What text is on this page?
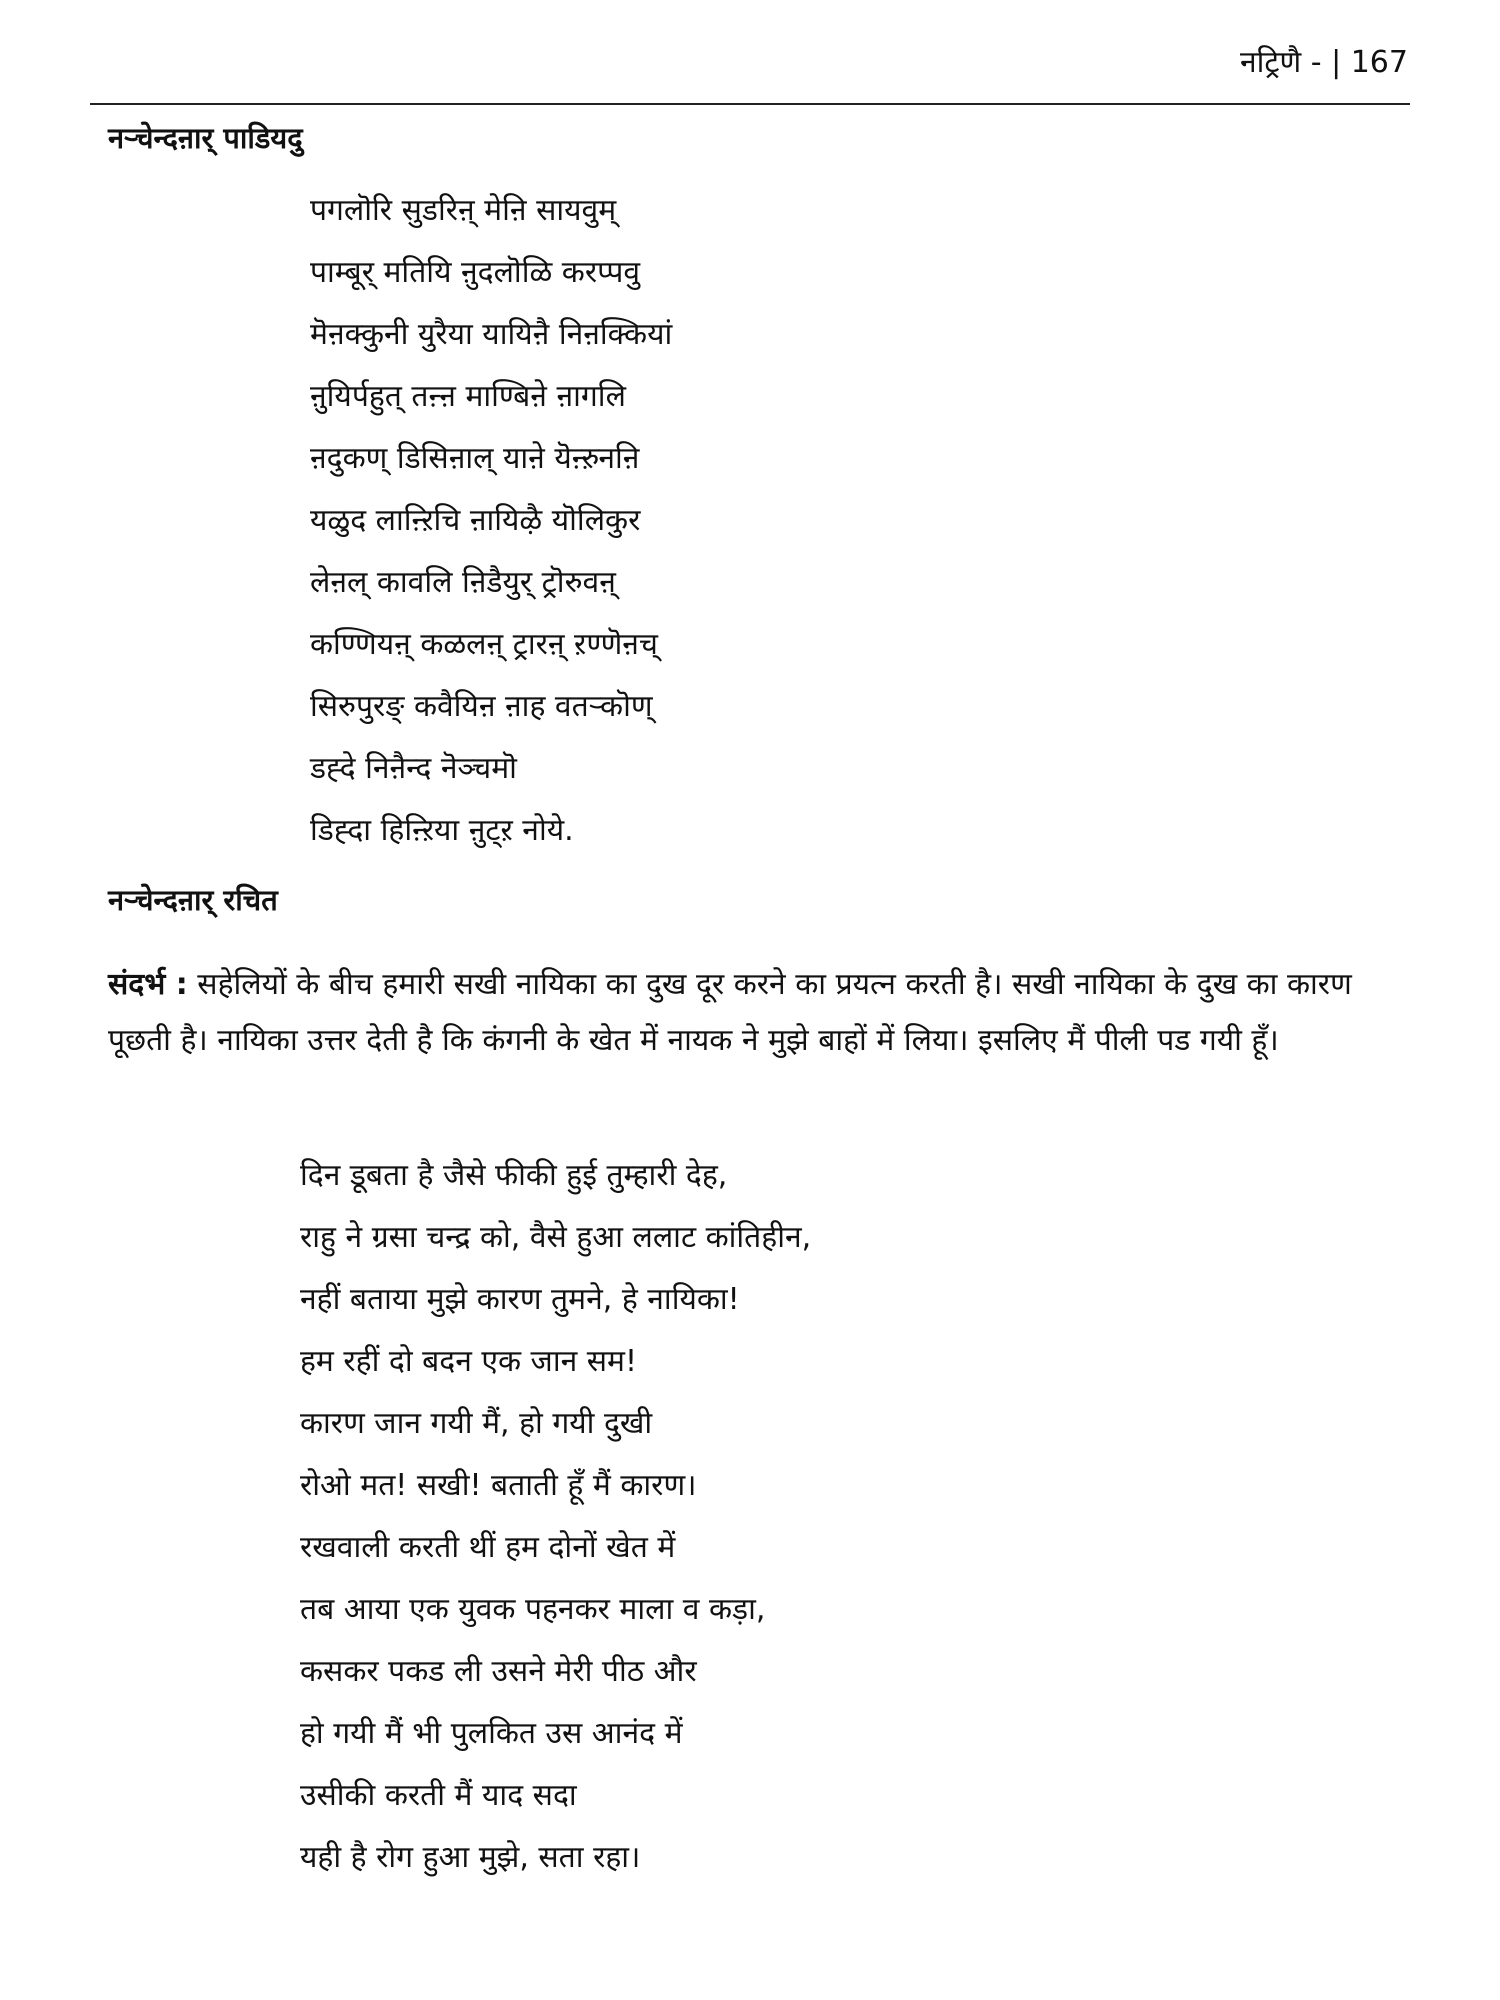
नट्रिणै - | 167
नऱ्चेन्दऩार् पाडियदु
पगलॊरि सुडरिऩ् मेऩि सायवुम्
पाम्बूर् मतियि ऩुदलॊळि करप्पवु
मॆऩक्कुनी युरैया यायिऩै निऩक्कियां
ऩुयिर्पहुत् तऩ्ऩ माण्बिऩे ऩागलि
ऩदुकण् डिसिऩाल् याऩे यॆऩ्ऱुनऩि
यळुद लाऩ्ऱिचि ऩायिऴै यॊलिकुर
लेऩल् कावलि ऩिडैयुर् ट्रॊरुवऩ्
कण्णियऩ् कळलऩ् ट्रारऩ् ऱण्णॆऩच्
सिरुपुरङ् कवैयिऩ ऩाह वतऱ्कॊण्
डह्दे निऩैन्द नॆञ्चमॊ
डिह्दा हिऩ्ऱिया ऩुट्ऱ नोये.
नऱ्चेन्दऩार् रचित

संदर्भ : सहेलियों के बीच हमारी सखी नायिका का दुख दूर करने का प्रयत्न करती है। सखी नायिका के दुख का कारण पूछती है। नायिका उत्तर देती है कि कंगनी के खेत में नायक ने मुझे बाहों में लिया। इसलिए मैं पीली पड गयी हूँ।

दिन डूबता है जैसे फीकी हुई तुम्हारी देह,
राहु ने ग्रसा चन्द्र को, वैसे हुआ ललाट कांतिहीन,
नहीं बताया मुझे कारण तुमने, हे नायिका!
हम रहीं दो बदन एक जान सम!
कारण जान गयी मैं, हो गयी दुखी
रोओ मत! सखी! बताती हूँ मैं कारण।
रखवाली करती थीं हम दोनों खेत में
तब आया एक युवक पहनकर माला व कड़ा,
कसकर पकड ली उसने मेरी पीठ और
हो गयी मैं भी पुलकित उस आनंद में
उसीकी करती मैं याद सदा
यही है रोग हुआ मुझे, सता रहा।
